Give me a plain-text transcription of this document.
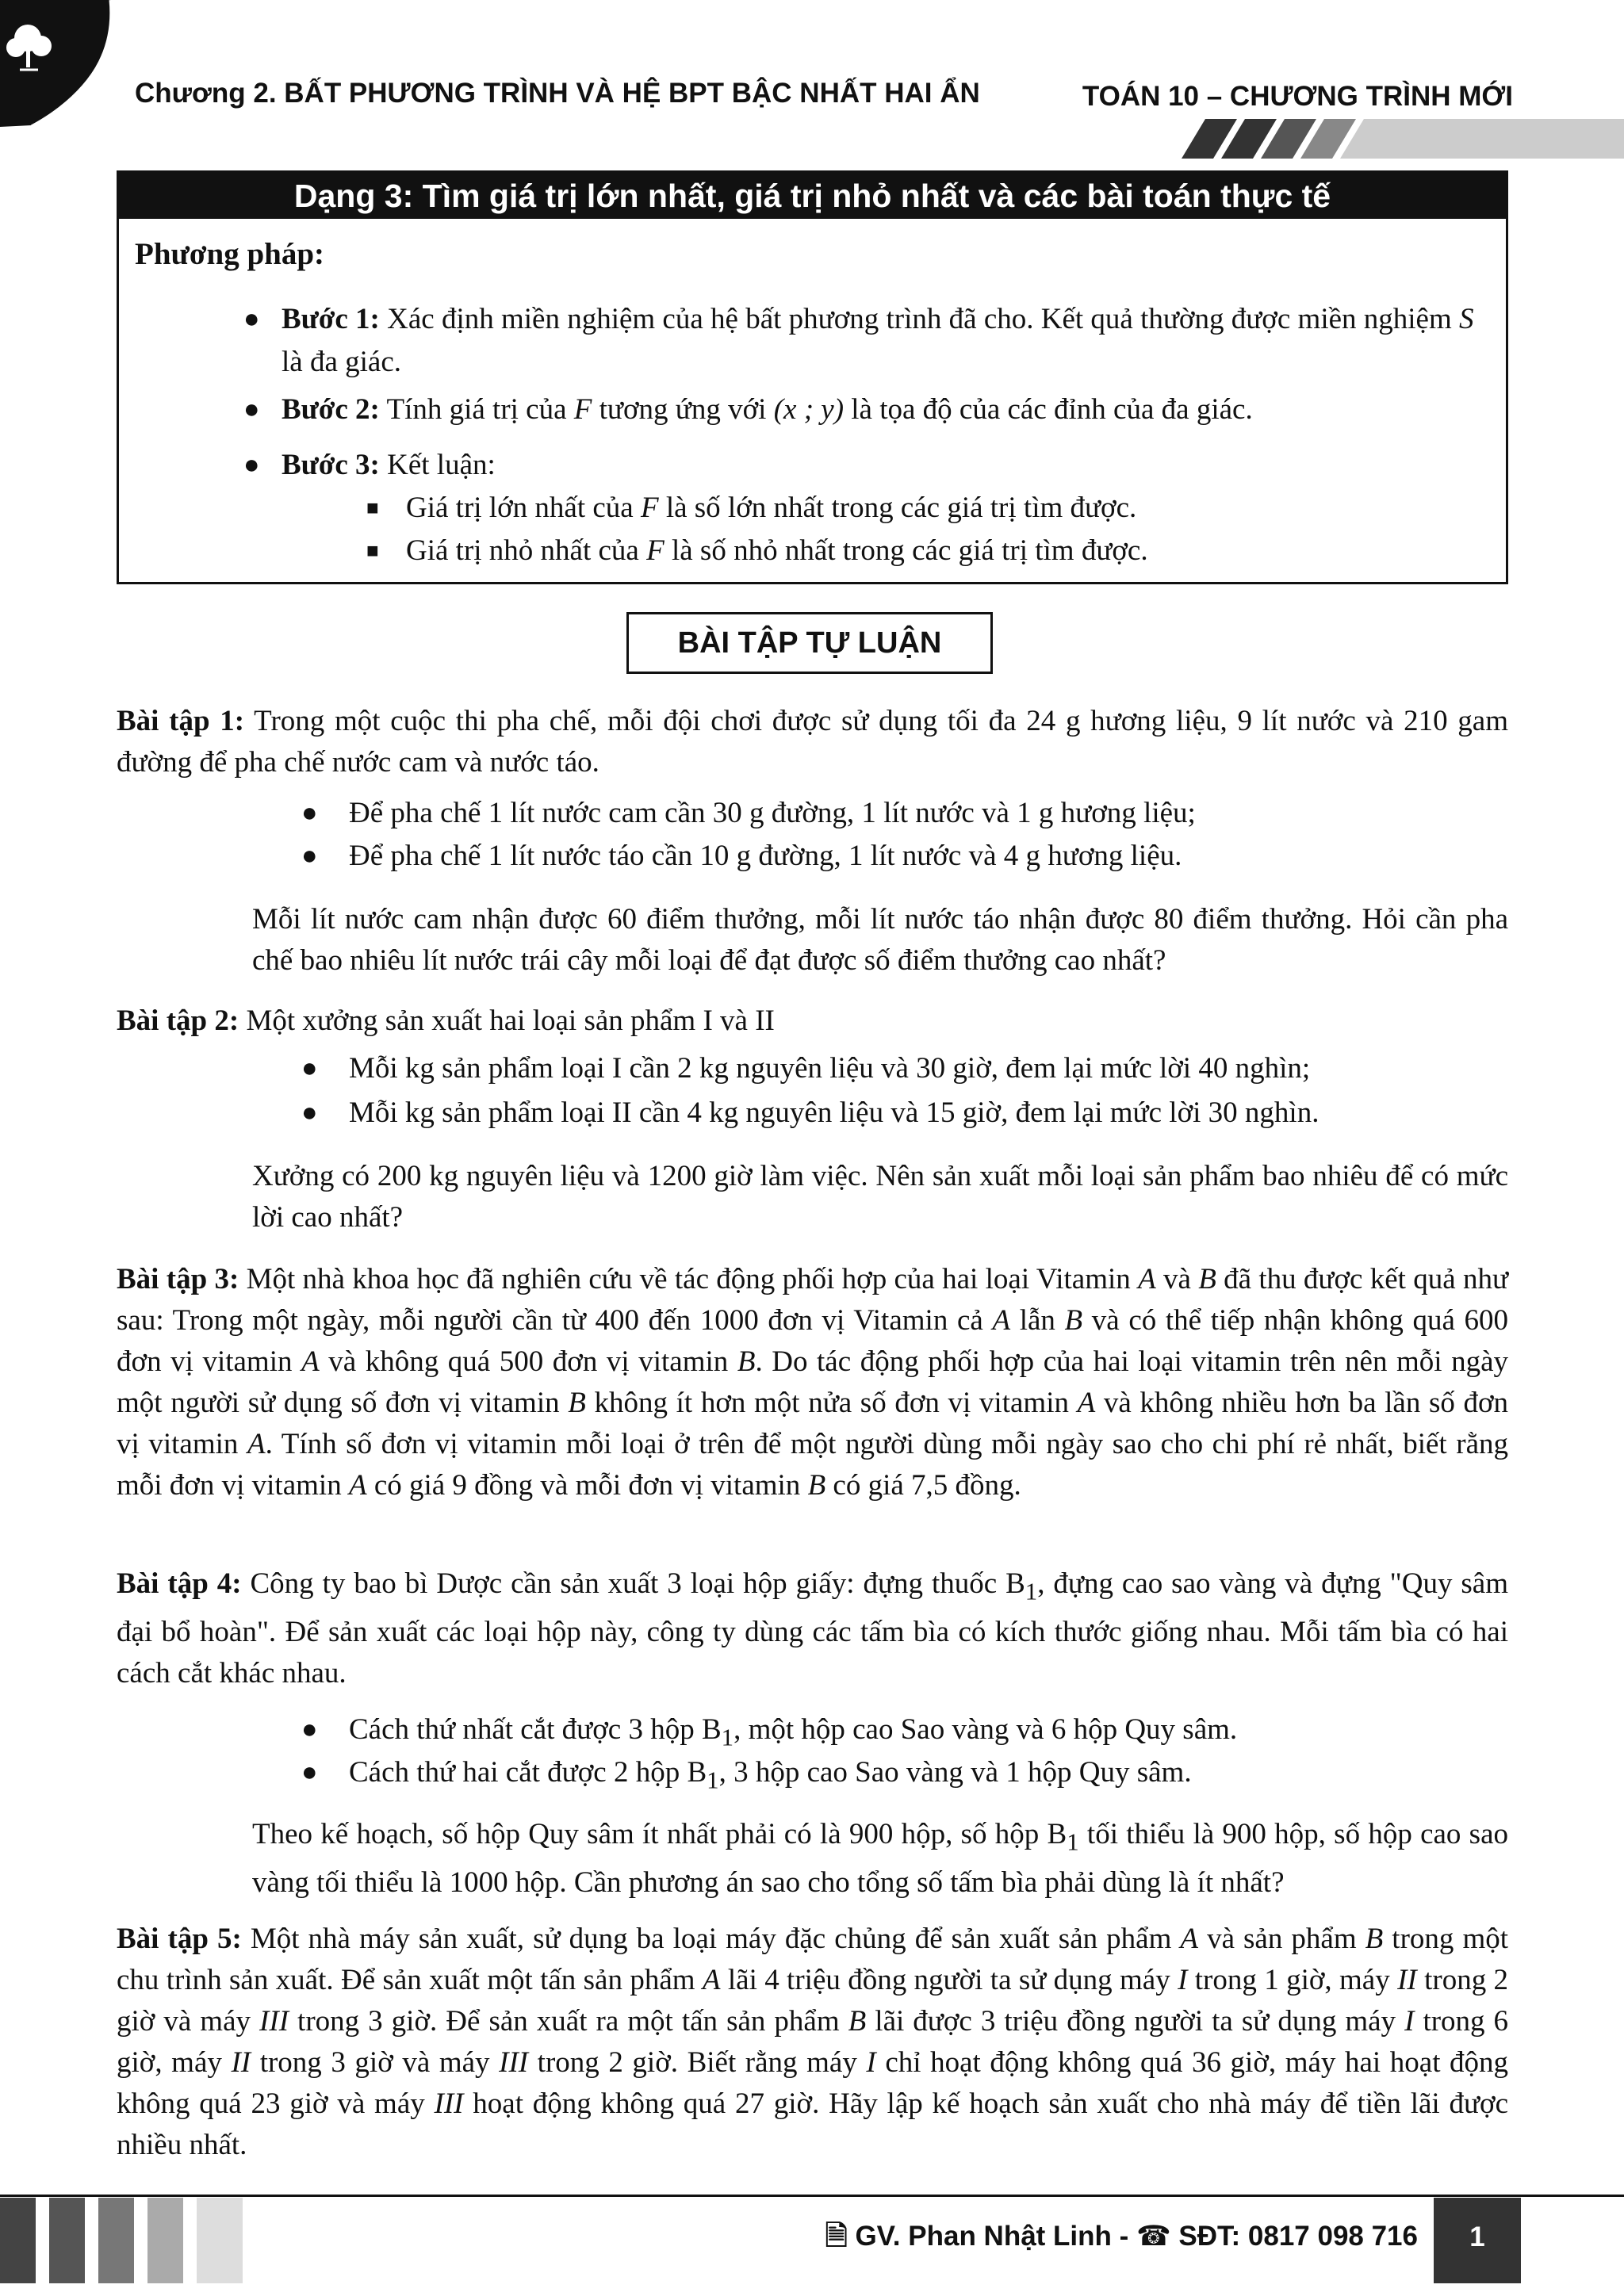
Chương 2. BẤT PHƯƠNG TRÌNH VÀ HỆ BPT BẬC NHẤT HAI ẨN	TOÁN 10 – CHƯƠNG TRÌNH MỚI
Dạng 3: Tìm giá trị lớn nhất, giá trị nhỏ nhất và các bài toán thực tế
Phương pháp:
● Bước 1: Xác định miền nghiệm của hệ bất phương trình đã cho. Kết quả thường được miền nghiệm S là đa giác.
● Bước 2: Tính giá trị của F tương ứng với (x ; y) là tọa độ của các đỉnh của đa giác.
● Bước 3: Kết luận:
■ Giá trị lớn nhất của F là số lớn nhất trong các giá trị tìm được.
■ Giá trị nhỏ nhất của F là số nhỏ nhất trong các giá trị tìm được.
BÀI TẬP TỰ LUẬN
Bài tập 1: Trong một cuộc thi pha chế, mỗi đội chơi được sử dụng tối đa 24 g hương liệu, 9 lít nước và 210 gam đường để pha chế nước cam và nước táo.
● Để pha chế 1 lít nước cam cần 30 g đường, 1 lít nước và 1 g hương liệu;
● Để pha chế 1 lít nước táo cần 10 g đường, 1 lít nước và 4 g hương liệu.
Mỗi lít nước cam nhận được 60 điểm thưởng, mỗi lít nước táo nhận được 80 điểm thưởng. Hỏi cần pha chế bao nhiêu lít nước trái cây mỗi loại để đạt được số điểm thưởng cao nhất?
Bài tập 2: Một xưởng sản xuất hai loại sản phẩm I và II
● Mỗi kg sản phẩm loại I cần 2 kg nguyên liệu và 30 giờ, đem lại mức lời 40 nghìn;
● Mỗi kg sản phẩm loại II cần 4 kg nguyên liệu và 15 giờ, đem lại mức lời 30 nghìn.
Xưởng có 200 kg nguyên liệu và 1200 giờ làm việc. Nên sản xuất mỗi loại sản phẩm bao nhiêu để có mức lời cao nhất?
Bài tập 3: Một nhà khoa học đã nghiên cứu về tác động phối hợp của hai loại Vitamin A và B đã thu được kết quả như sau: Trong một ngày, mỗi người cần từ 400 đến 1000 đơn vị Vitamin cả A lẫn B và có thể tiếp nhận không quá 600 đơn vị vitamin A và không quá 500 đơn vị vitamin B. Do tác động phối hợp của hai loại vitamin trên nên mỗi ngày một người sử dụng số đơn vị vitamin B không ít hơn một nửa số đơn vị vitamin A và không nhiều hơn ba lần số đơn vị vitamin A. Tính số đơn vị vitamin mỗi loại ở trên để một người dùng mỗi ngày sao cho chi phí rẻ nhất, biết rằng mỗi đơn vị vitamin A có giá 9 đồng và mỗi đơn vị vitamin B có giá 7,5 đồng.
Bài tập 4: Công ty bao bì Dược cần sản xuất 3 loại hộp giấy: đựng thuốc $B_1$, đựng cao sao vàng và đựng "Quy sâm đại bổ hoàn". Để sản xuất các loại hộp này, công ty dùng các tấm bìa có kích thước giống nhau. Mỗi tấm bìa có hai cách cắt khác nhau.
● Cách thứ nhất cắt được 3 hộp $B_1$, một hộp cao Sao vàng và 6 hộp Quy sâm.
● Cách thứ hai cắt được 2 hộp $B_1$, 3 hộp cao Sao vàng và 1 hộp Quy sâm.
Theo kế hoạch, số hộp Quy sâm ít nhất phải có là 900 hộp, số hộp $B_1$ tối thiểu là 900 hộp, số hộp cao sao vàng tối thiểu là 1000 hộp. Cần phương án sao cho tổng số tấm bìa phải dùng là ít nhất?
Bài tập 5: Một nhà máy sản xuất, sử dụng ba loại máy đặc chủng để sản xuất sản phẩm A và sản phẩm B trong một chu trình sản xuất. Để sản xuất một tấn sản phẩm A lãi 4 triệu đồng người ta sử dụng máy I trong 1 giờ, máy II trong 2 giờ và máy III trong 3 giờ. Để sản xuất ra một tấn sản phẩm B lãi được 3 triệu đồng người ta sử dụng máy I trong 6 giờ, máy II trong 3 giờ và máy III trong 2 giờ. Biết rằng máy I chỉ hoạt động không quá 36 giờ, máy hai hoạt động không quá 23 giờ và máy III hoạt động không quá 27 giờ. Hãy lập kế hoạch sản xuất cho nhà máy để tiền lãi được nhiều nhất.
🗎 GV. Phan Nhật Linh - ☎ SĐT: 0817 098 716	1
